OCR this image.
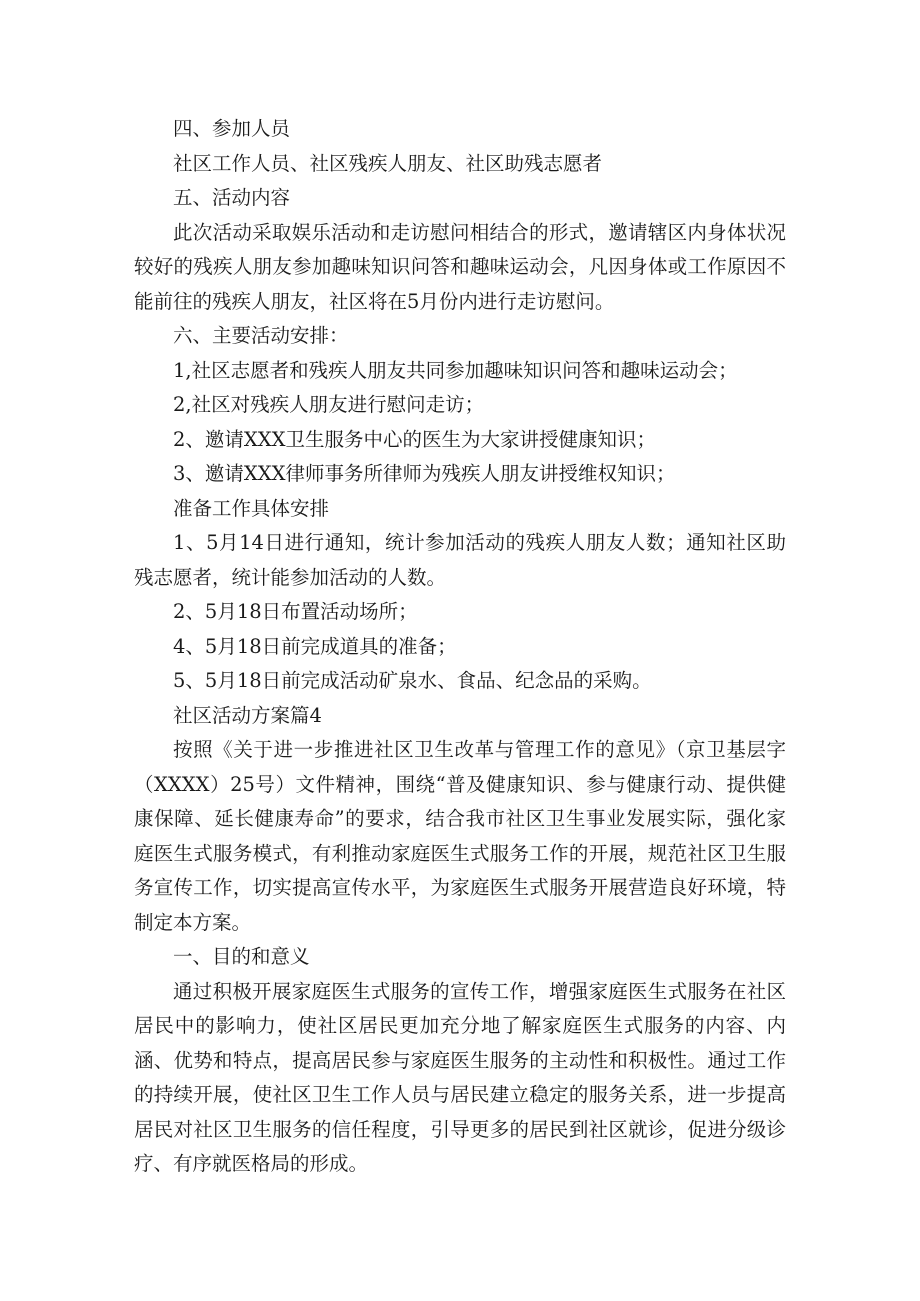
四、参加人员

社区工作人员、社区残疾人朋友、社区助残志愿者

五、活动内容

此次活动采取娱乐活动和走访慰问相结合的形式，邀请辖区内身体状况较好的残疾人朋友参加趣味知识问答和趣味运动会，凡因身体或工作原因不能前往的残疾人朋友，社区将在5月份内进行走访慰问。

六、主要活动安排：

1,社区志愿者和残疾人朋友共同参加趣味知识问答和趣味运动会；

2,社区对残疾人朋友进行慰问走访；

2、邀请XXX卫生服务中心的医生为大家讲授健康知识；

3、邀请XXX律师事务所律师为残疾人朋友讲授维权知识；

准备工作具体安排

1、5月14日进行通知，统计参加活动的残疾人朋友人数；通知社区助残志愿者，统计能参加活动的人数。

2、5月18日布置活动场所；

4、5月18日前完成道具的准备；

5、5月18日前完成活动矿泉水、食品、纪念品的采购。

社区活动方案篇4

按照《关于进一步推进社区卫生改革与管理工作的意见》（京卫基层字（XXXX）25号）文件精神，围绕“普及健康知识、参与健康行动、提供健康保障、延长健康寿命”的要求，结合我市社区卫生事业发展实际，强化家庭医生式服务模式，有利推动家庭医生式服务工作的开展，规范社区卫生服务宣传工作，切实提高宣传水平，为家庭医生式服务开展营造良好环境，特制定本方案。

一、目的和意义

通过积极开展家庭医生式服务的宣传工作，增强家庭医生式服务在社区居民中的影响力，使社区居民更加充分地了解家庭医生式服务的内容、内涵、优势和特点，提高居民参与家庭医生服务的主动性和积极性。通过工作的持续开展，使社区卫生工作人员与居民建立稳定的服务关系，进一步提高居民对社区卫生服务的信任程度，引导更多的居民到社区就诊，促进分级诊疗、有序就医格局的形成。
